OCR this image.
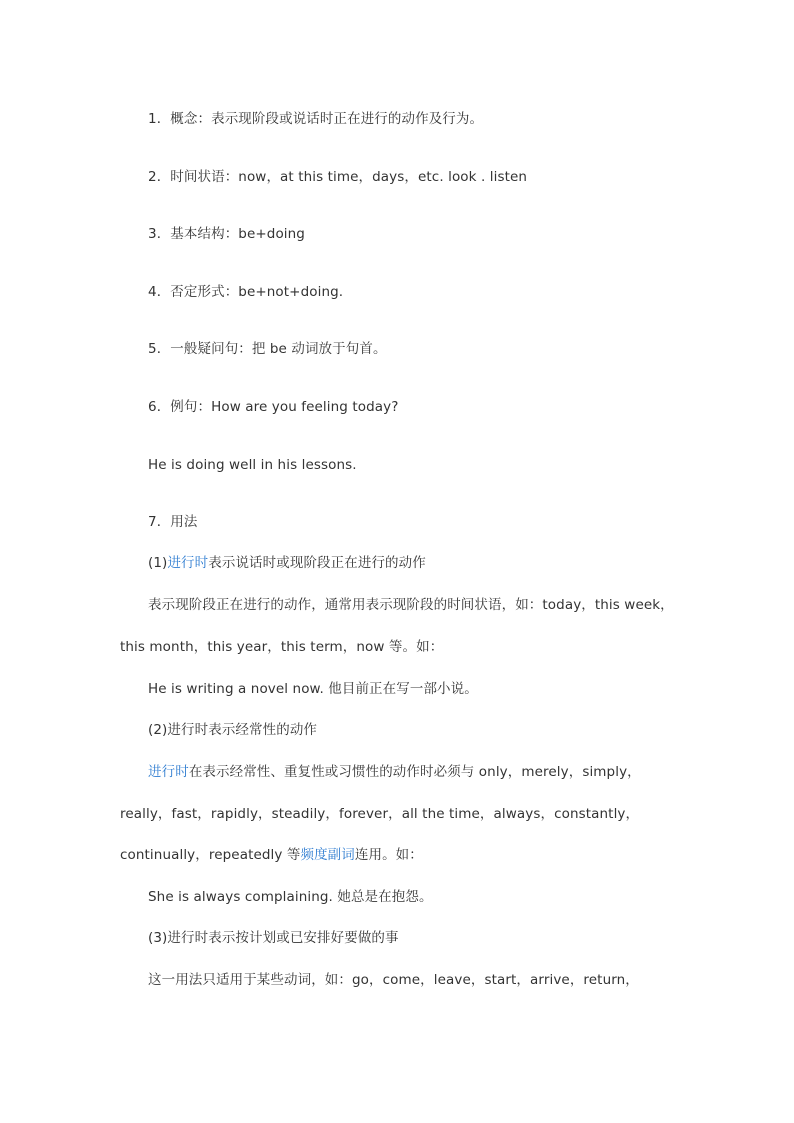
1．概念：表示现阶段或说话时正在进行的动作及行为。
2．时间状语：now，at this time，days，etc. look . listen
3．基本结构：be+doing
4．否定形式：be+not+doing.
5．一般疑问句：把 be 动词放于句首。
6．例句：How are you feeling today?
He is doing well in his lessons.
7．用法
(1)进行时表示说话时或现阶段正在进行的动作
表示现阶段正在进行的动作，通常用表示现阶段的时间状语，如：today，this week，
this month，this year，this term，now 等。如：
He is writing a novel now. 他目前正在写一部小说。
(2)进行时表示经常性的动作
进行时在表示经常性、重复性或习惯性的动作时必须与 only，merely，simply，
really，fast，rapidly，steadily，forever，all the time，always，constantly，
continually，repeatedly 等频度副词连用。如：
She is always complaining. 她总是在抱怨。
(3)进行时表示按计划或已安排好要做的事
这一用法只适用于某些动词，如：go，come，leave，start，arrive，return，
